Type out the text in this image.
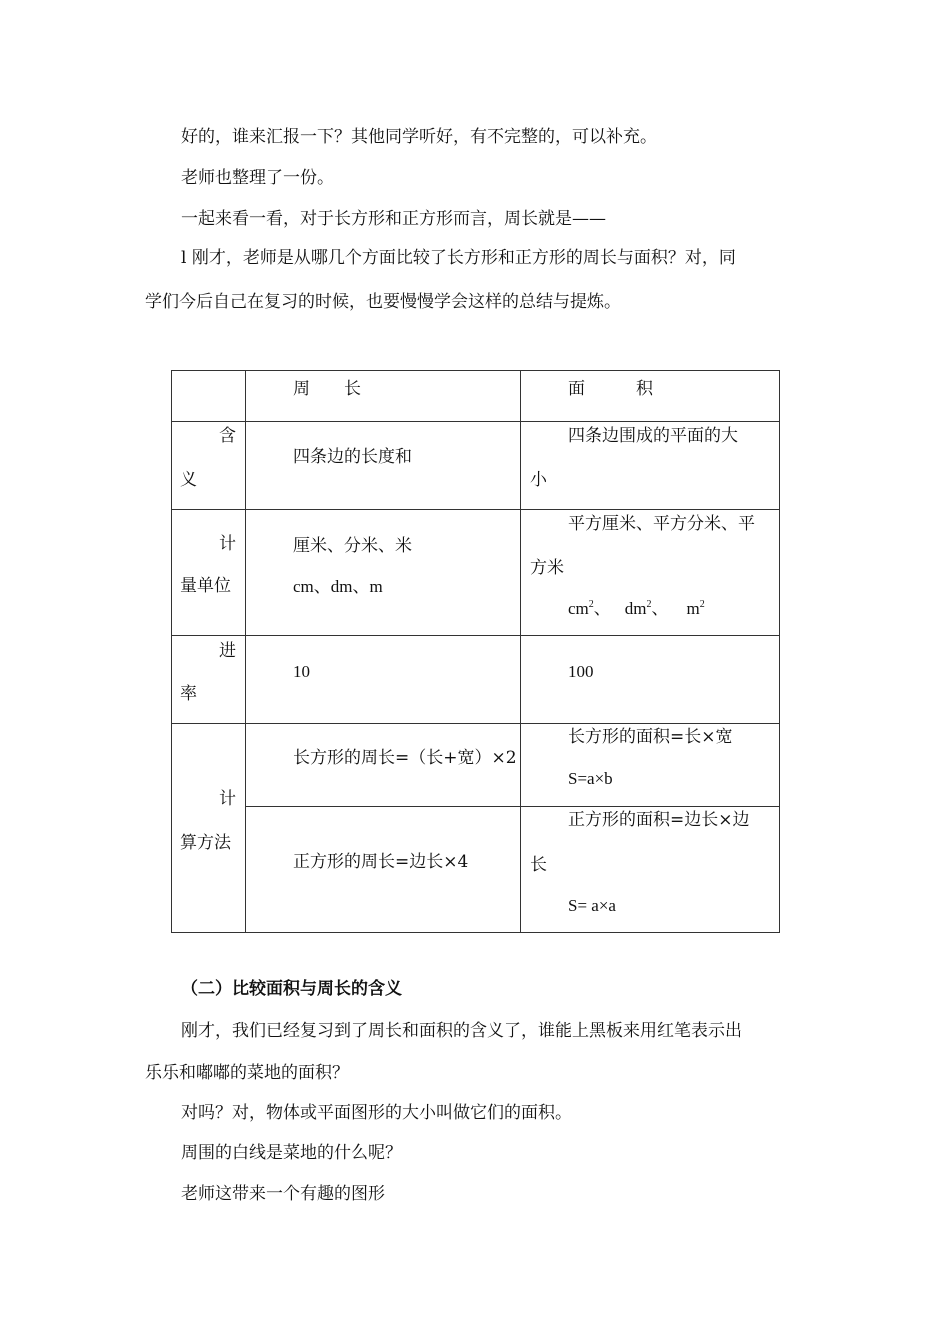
好的，谁来汇报一下？其他同学听好，有不完整的，可以补充。
老师也整理了一份。
一起来看一看，对于长方形和正方形而言，周长就是——
l 刚才，老师是从哪几个方面比较了长方形和正方形的周长与面积？对，同
学们今后自己在复习的时候，也要慢慢学会这样的总结与提炼。
周　　长	面　　　积
含
义
四条边的长度和
四条边围成的平面的大
小
计
量单位
厘米、分米、米
cm、dm、m
平方厘米、平方分米、平
方米
$cm^2$、 $dm^2$、 $m^2$
进
率
10	100
计
算方法
长方形的周长=（长+宽）×2
长方形的面积=长×宽
S=a×b
正方形的周长=边长×4
正方形的面积=边长×边
长
S= a×a
（二）比较面积与周长的含义
刚才，我们已经复习到了周长和面积的含义了，谁能上黑板来用红笔表示出
乐乐和嘟嘟的菜地的面积？
对吗？对，物体或平面图形的大小叫做它们的面积。
周围的白线是菜地的什么呢？
老师这带来一个有趣的图形
